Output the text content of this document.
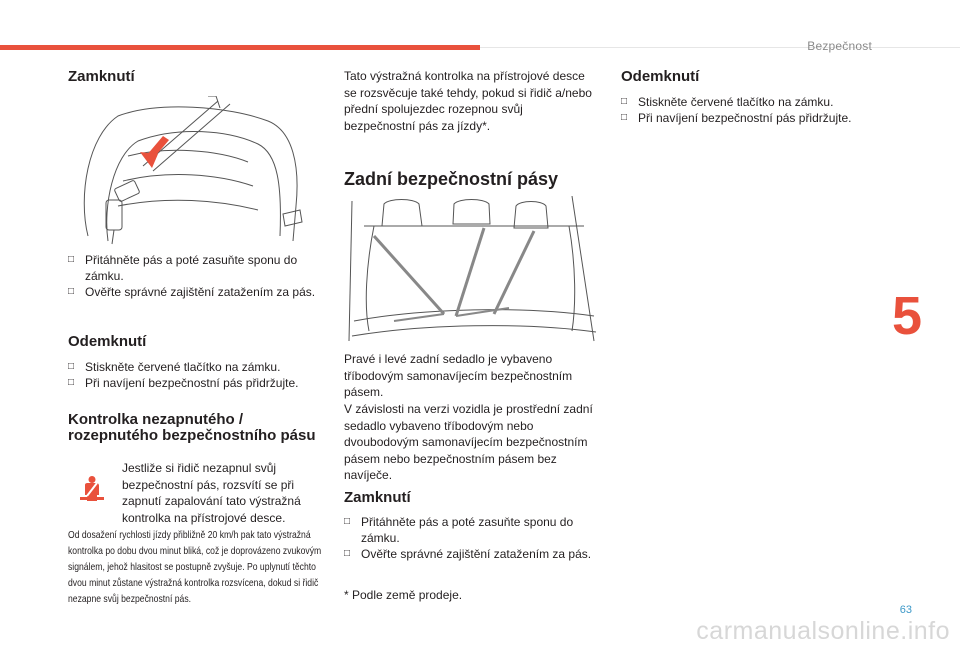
Bezpečnost
5
63
carmanualsonline.info
Zamknutí
□ Přitáhněte pás a poté zasuňte sponu do zámku.
□ Ověřte správné zajištění zatažením za pás.
Odemknutí
□ Stiskněte červené tlačítko na zámku.
□ Při navíjení bezpečnostní pás přidržujte.
Kontrolka nezapnutého / rozepnutého bezpečnostního pásu
Jestliže si řidič nezapnul svůj bezpečnostní pás, rozsvítí se při zapnutí zapalování tato výstražná kontrolka na přístrojové desce.
Od dosažení rychlosti jízdy přibližně 20 km/h pak tato výstražná kontrolka po dobu dvou minut bliká, což je doprovázeno zvukovým signálem, jehož hlasitost se postupně zvyšuje. Po uplynutí těchto dvou minut zůstane výstražná kontrolka rozsvícena, dokud si řidič nezapne svůj bezpečnostní pás.
Tato výstražná kontrolka na přístrojové desce se rozsvěcuje také tehdy, pokud si řidič a/nebo přední spolujezdec rozepnou svůj bezpečnostní pás za jízdy*.
Zadní bezpečnostní pásy
Pravé i levé zadní sedadlo je vybaveno tříbodovým samonavíjecím bezpečnostním pásem.
V závislosti na verzi vozidla je prostřední zadní sedadlo vybaveno tříbodovým nebo dvoubodovým samonavíjecím bezpečnostním pásem nebo bezpečnostním pásem bez navíječe.
Zamknutí
□ Přitáhněte pás a poté zasuňte sponu do zámku.
□ Ověřte správné zajištění zatažením za pás.
* Podle země prodeje.
Odemknutí
□ Stiskněte červené tlačítko na zámku.
□ Při navíjení bezpečnostní pás přidržujte.
